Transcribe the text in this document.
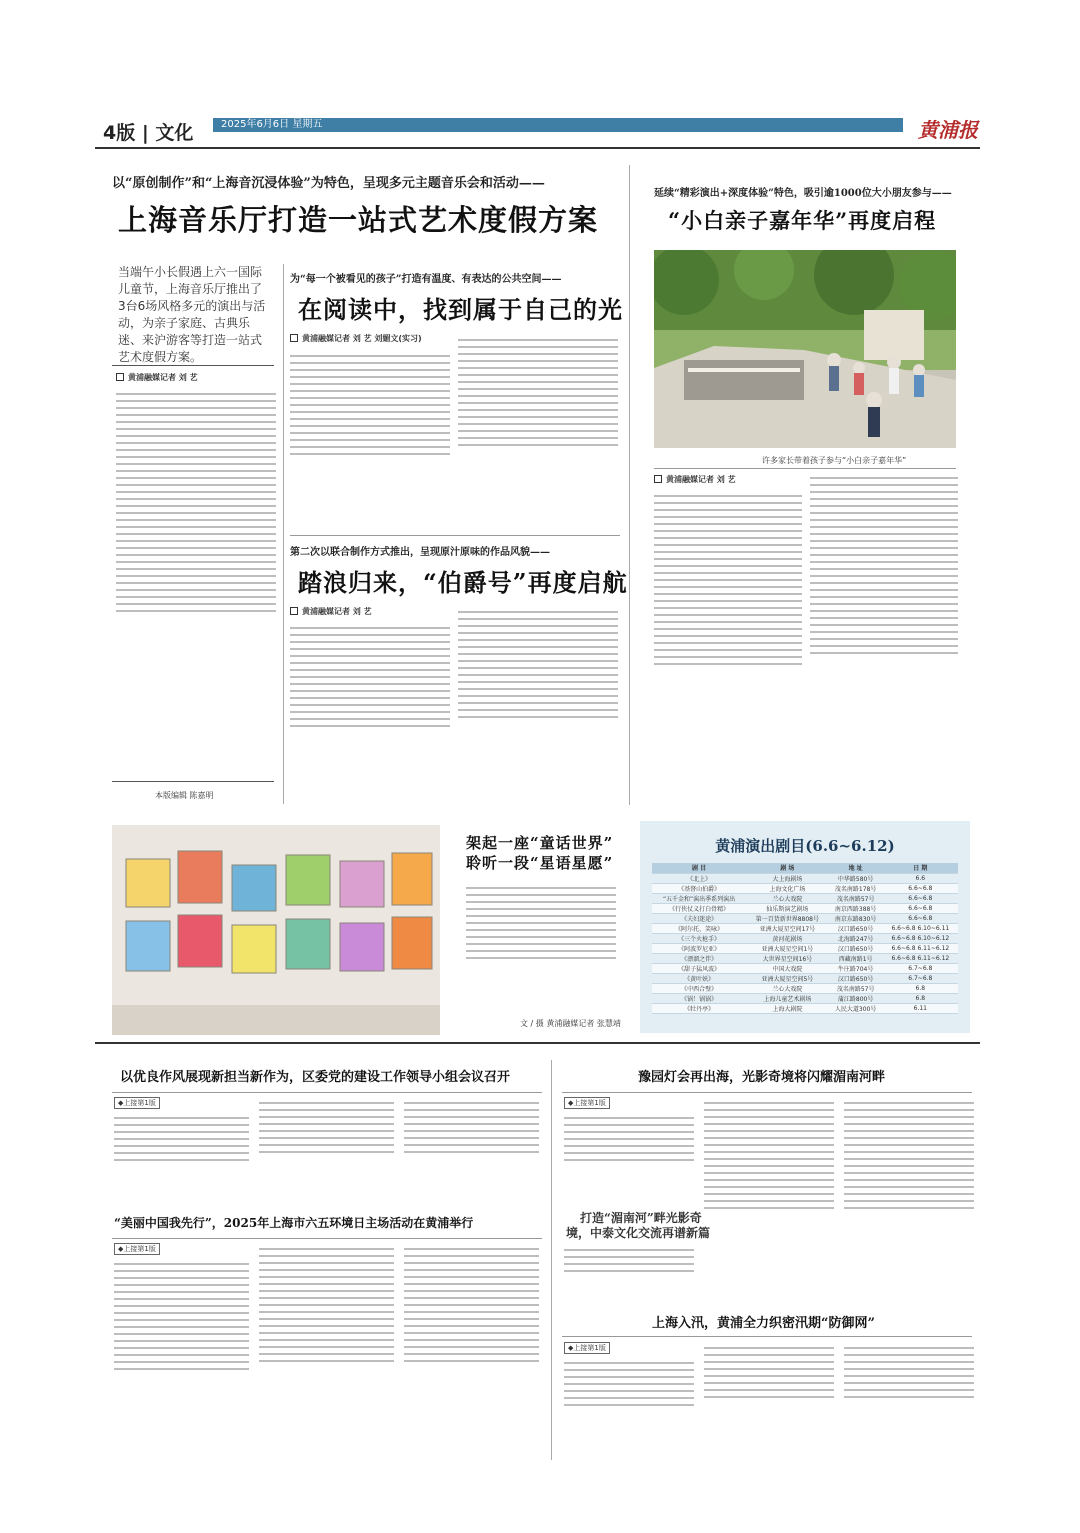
4版 | 文化	2025年6月6日 星期五	黄浦报
以“原创制作”和“上海音沉浸体验”为特色，呈现多元主题音乐会和活动——
上海音乐厅打造一站式艺术度假方案
当端午小长假遇上六一国际儿童节，上海音乐厅推出了3台6场风格多元的演出与活动，为亲子家庭、古典乐迷、来沪游客等打造一站式艺术度假方案。
黄浦融媒记者 刘 艺
本版编辑 陈嘉明
为“每一个被看见的孩子”打造有温度、有表达的公共空间——
在阅读中，找到属于自己的光
黄浦融媒记者 刘 艺 刘媚文(实习)
第二次以联合制作方式推出，呈现原汁原味的作品风貌——
踏浪归来，“伯爵号”再度启航
黄浦融媒记者 刘 艺
延续“精彩演出+深度体验”特色，吸引逾1000位大小朋友参与——
“小白亲子嘉年华”再度启程
许多家长带着孩子参与“小白亲子嘉年华”
黄浦融媒记者 刘 艺
架起一座“童话世界”
聆听一段“星语星愿”
文 / 摄 黄浦融媒记者 张慧靖
黄浦演出剧目(6.6~6.12)
剧 目	剧 场	地 址	日 期
《北上》	大上海剧场	中华路580号	6.6
《基督山伯爵》	上海文化广场	茂名南路178号	6.6~6.8
“五千金和”演出季系列演出	兰心大戏院	茂名南路57号	6.6~6.8
《行侠仗义打白骨精》	仙乐斯演艺剧场	南京西路388号	6.6~6.8
《夫妇迷途》	第一百货新世界8808号	南京东路830号	6.6~6.8
《阿尔托，笑咏》	亚洲大厦星空间17号	汉口路650号	6.6~6.8 6.10~6.11
《三个火枪手》	黄河花剧场	北海路247号	6.6~6.8 6.10~6.12
《阿波罗尼亚》	亚洲大厦星空间1号	汉口路650号	6.6~6.8 6.11~6.12
《漂溜之伴》	大世界星空间16号	西藏南路1号	6.6~6.8 6.11~6.12
《甜子猛风波》	中国大戏院	牛庄路704号	6.7~6.8
《黄叶妖》	亚洲大厦星空间5号	汉口路650号	6.7~6.8
《中西合璧》	兰心大戏院	茂名南路57号	6.8
《锅！锅锅》	上海儿童艺术剧场	蒲江路800号	6.8
《牡丹亭》	上海大剧院	人民大道300号	6.11
以优良作风展现新担当新作为，区委党的建设工作领导小组会议召开
◆上接第1版
“美丽中国我先行”，2025年上海市六五环境日主场活动在黄浦举行
◆上接第1版
豫园灯会再出海，光影奇境将闪耀湄南河畔
◆上接第1版
打造“湄南河”畔光影奇
境，中泰文化交流再谱新篇
上海入汛，黄浦全力织密汛期“防御网”
◆上接第1版
